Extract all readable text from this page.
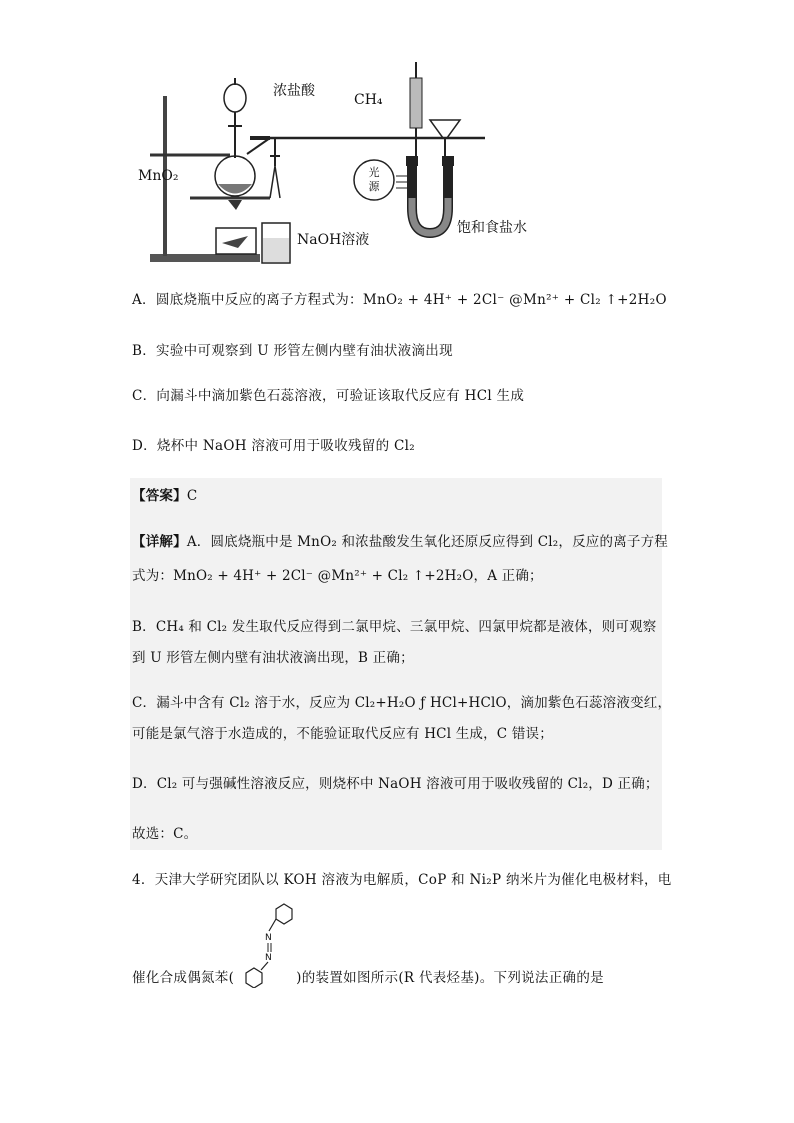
光
源
浓盐酸
CH₄
MnO₂
NaOH溶液
饱和食盐水
A．圆底烧瓶中反应的离子方程式为：MnO₂ + 4H⁺ + 2Cl⁻ @Mn²⁺ + Cl₂ ↑+2H₂O
B．实验中可观察到 U 形管左侧内壁有油状液滴出现
C．向漏斗中滴加紫色石蕊溶液，可验证该取代反应有 HCl 生成
D．烧杯中 NaOH 溶液可用于吸收残留的 Cl₂
【答案】C
【详解】A．圆底烧瓶中是 MnO₂ 和浓盐酸发生氧化还原反应得到 Cl₂，反应的离子方程
式为：MnO₂ + 4H⁺ + 2Cl⁻ @Mn²⁺ + Cl₂ ↑+2H₂O，A 正确；
B．CH₄ 和 Cl₂ 发生取代反应得到二氯甲烷、三氯甲烷、四氯甲烷都是液体，则可观察
到 U 形管左侧内壁有油状液滴出现，B 正确；
C．漏斗中含有 Cl₂ 溶于水，反应为 Cl₂+H₂O ƒ HCl+HClO，滴加紫色石蕊溶液变红，
可能是氯气溶于水造成的，不能验证取代反应有 HCl 生成，C 错误；
D．Cl₂ 可与强碱性溶液反应，则烧杯中 NaOH 溶液可用于吸收残留的 Cl₂，D 正确；
故选：C。
4．天津大学研究团队以 KOH 溶液为电解质，CoP 和 Ni₂P 纳米片为催化电极材料，电
N
N
催化合成偶氮苯(	)的装置如图所示(R 代表烃基)。下列说法正确的是
